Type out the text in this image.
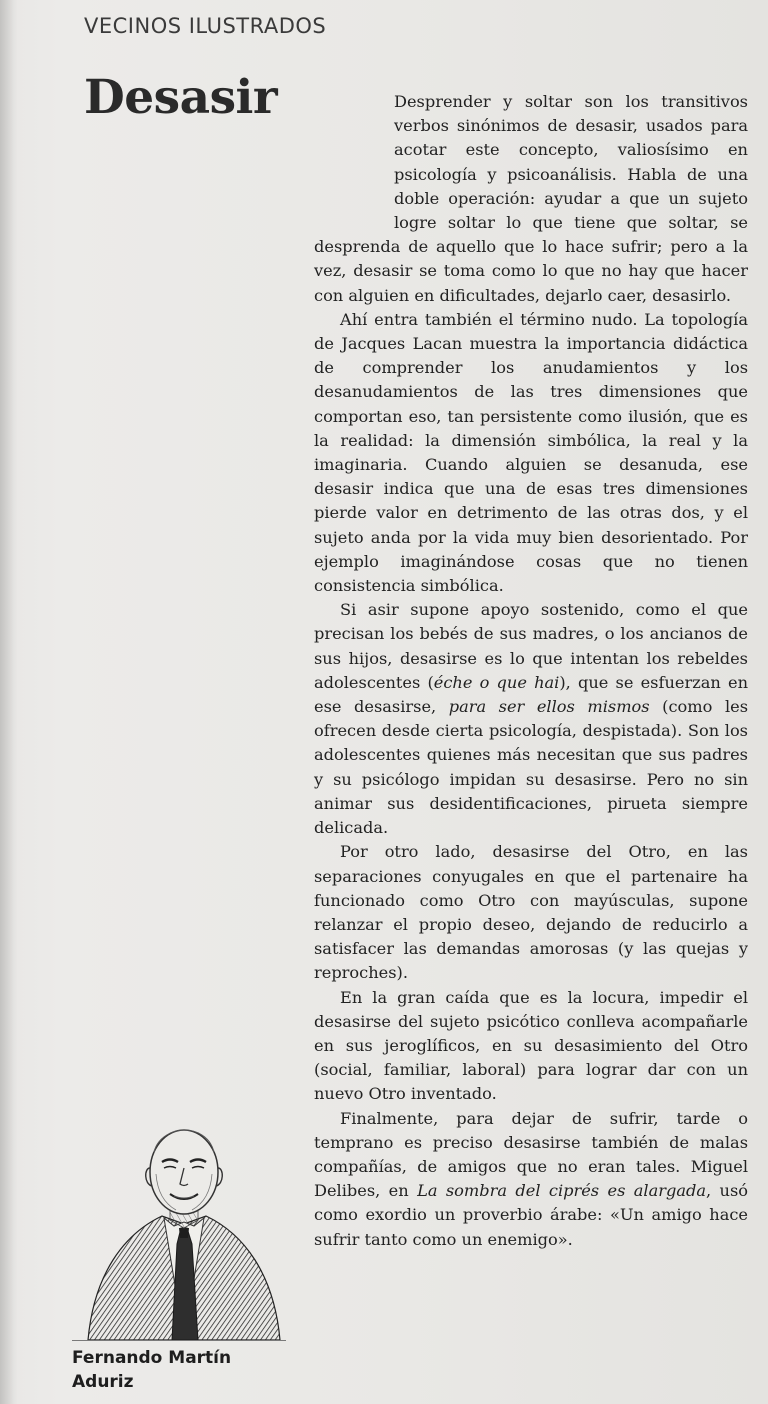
VECINOS ILUSTRADOS
Desasir	Desprender y soltar son los transitivos verbos sinónimos de desasir, usados para acotar este concepto, valiosísimo en psicología y psicoanálisis. Habla de una doble operación: ayudar a que un sujeto logre soltar lo que tiene que soltar, se desprenda de aquello que lo hace sufrir; pero a la vez, desasir se toma como lo que no hay que hacer con alguien en dificultades, dejarlo caer, desasirlo.

Ahí entra también el término nudo. La topología de Jacques Lacan muestra la importancia didáctica de comprender los anudamientos y los desanudamientos de las tres dimensiones que comportan eso, tan persistente como ilusión, que es la realidad: la dimensión simbólica, la real y la imaginaria. Cuando alguien se desanuda, ese desasir indica que una de esas tres dimensiones pierde valor en detrimento de las otras dos, y el sujeto anda por la vida muy bien desorientado. Por ejemplo imaginándose cosas que no tienen consistencia simbólica.

Si asir supone apoyo sostenido, como el que precisan los bebés de sus madres, o los ancianos de sus hijos, desasirse es lo que intentan los rebeldes adolescentes (éche o que hai), que se esfuerzan en ese desasirse, para ser ellos mismos (como les ofrecen desde cierta psicología, despistada). Son los adolescentes quienes más necesitan que sus padres y su psicólogo impidan su desasirse. Pero no sin animar sus desidentificaciones, pirueta siempre delicada.

Por otro lado, desasirse del Otro, en las separaciones conyugales en que el partenaire ha funcionado como Otro con mayúsculas, supone relanzar el propio deseo, dejando de reducirlo a satisfacer las demandas amorosas (y las quejas y reproches).

En la gran caída que es la locura, impedir el desasirse del sujeto psicótico conlleva acompañarle en sus jeroglíficos, en su desasimiento del Otro (social, familiar, laboral) para lograr dar con un nuevo Otro inventado.

Finalmente, para dejar de sufrir, tarde o temprano es preciso desasirse también de malas compañías, de amigos que no eran tales. Miguel Delibes, en La sombra del ciprés es alargada, usó como exordio un proverbio árabe: «Un amigo hace sufrir tanto como un enemigo».

Fernando Martín
Aduriz
